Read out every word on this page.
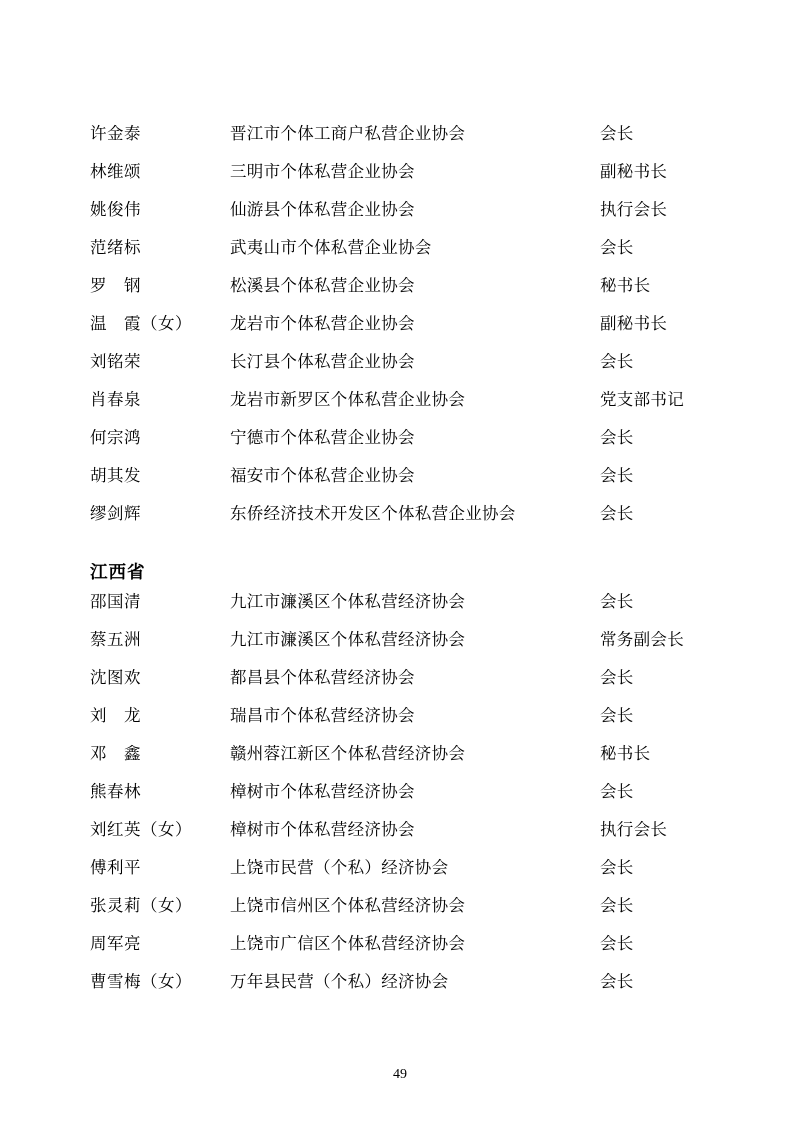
许金泰	晋江市个体工商户私营企业协会	会长
林维颂	三明市个体私营企业协会	副秘书长
姚俊伟	仙游县个体私营企业协会	执行会长
范绪标	武夷山市个体私营企业协会	会长
罗　钢	松溪县个体私营企业协会	秘书长
温　霞（女）	龙岩市个体私营企业协会	副秘书长
刘铭荣	长汀县个体私营企业协会	会长
肖春泉	龙岩市新罗区个体私营企业协会	党支部书记
何宗鸿	宁德市个体私营企业协会	会长
胡其发	福安市个体私营企业协会	会长
缪剑辉	东侨经济技术开发区个体私营企业协会	会长
江西省
邵国清	九江市濂溪区个体私营经济协会	会长
蔡五洲	九江市濂溪区个体私营经济协会	常务副会长
沈图欢	都昌县个体私营经济协会	会长
刘　龙	瑞昌市个体私营经济协会	会长
邓　鑫	赣州蓉江新区个体私营经济协会	秘书长
熊春林	樟树市个体私营经济协会	会长
刘红英（女）	樟树市个体私营经济协会	执行会长
傅利平	上饶市民营（个私）经济协会	会长
张灵莉（女）	上饶市信州区个体私营经济协会	会长
周军亮	上饶市广信区个体私营经济协会	会长
曹雪梅（女）	万年县民营（个私）经济协会	会长
49
